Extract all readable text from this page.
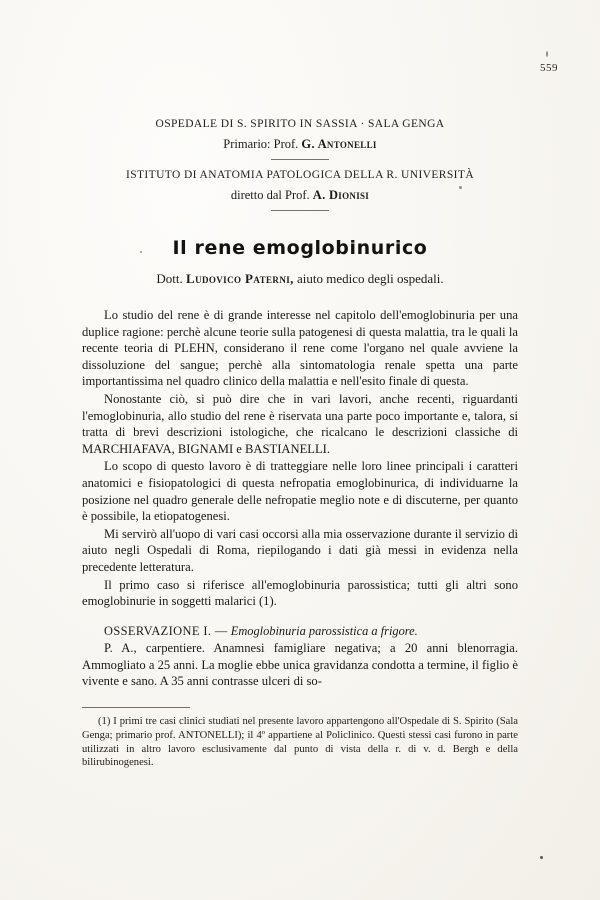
559

OSPEDALE DI S. SPIRITO IN SASSIA · SALA GENGA

Primario: Prof. G. Antonelli

ISTITUTO DI ANATOMIA PATOLOGICA DELLA R. UNIVERSITÀ

diretto dal Prof. A. Dionisi

Il rene emoglobinurico

Dott. Ludovico Paterni, aiuto medico degli ospedali.

Lo studio del rene è di grande interesse nel capitolo dell'emoglobinuria per una duplice ragione: perchè alcune teorie sulla patogenesi di questa malattia, tra le quali la recente teoria di PLEHN, considerano il rene come l'organo nel quale avviene la dissoluzione del sangue; perchè alla sintomatologia renale spetta una parte importantissima nel quadro clinico della malattia e nell'esito finale di questa.

Nonostante ciò, si può dire che in vari lavori, anche recenti, riguardanti l'emoglobinuria, allo studio del rene è riservata una parte poco importante e, talora, si tratta di brevi descrizioni istologiche, che ricalcano le descrizioni classiche di MARCHIAFAVA, BIGNAMI e BASTIANELLI.

Lo scopo di questo lavoro è di tratteggiare nelle loro linee principali i caratteri anatomici e fisiopatologici di questa nefropatia emoglobinurica, di individuarne la posizione nel quadro generale delle nefropatie meglio note e di discuterne, per quanto è possibile, la etiopatogenesi.

Mi servirò all'uopo di vari casi occorsi alla mia osservazione durante il servizio di aiuto negli Ospedali di Roma, riepilogando i dati già messi in evidenza nella precedente letteratura.

Il primo caso si riferisce all'emoglobinuria parossistica; tutti gli altri sono emoglobinurie in soggetti malarici (1).

OSSERVAZIONE I. — Emoglobinuria parossistica a frigore.

P. A., carpentiere. Anamnesi famigliare negativa; a 20 anni blenorragia. Ammogliato a 25 anni. La moglie ebbe unica gravidanza condotta a termine, il figlio è vivente e sano. A 35 anni contrasse ulceri di so-

(1) I primi tre casi clinici studiati nel presente lavoro appartengono all'Ospedale di S. Spirito (Sala Genga; primario prof. ANTONELLI); il 4º appartiene al Policlinico. Questi stessi casi furono in parte utilizzati in altro lavoro esclusivamente dal punto di vista della r. di v. d. Bergh e della bilirubinogenesi.
